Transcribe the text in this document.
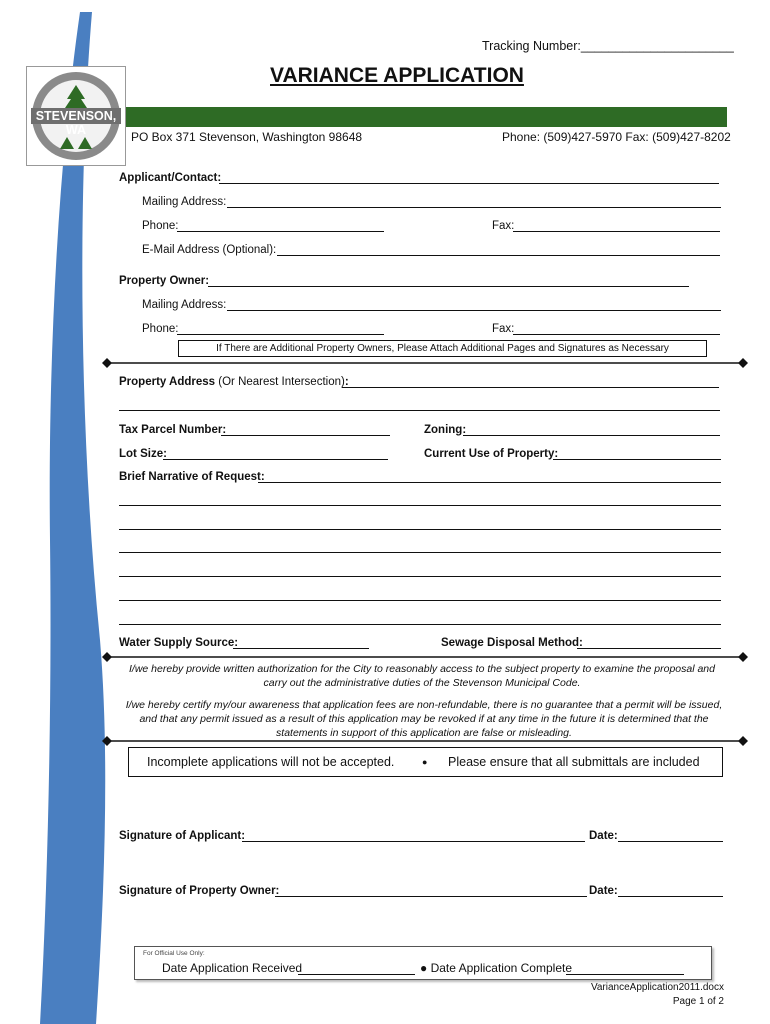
STEVENSON, WA
Tracking Number:______________________
VARIANCE APPLICATION
PO Box 371 Stevenson, Washington 98648	Phone: (509)427-5970 Fax: (509)427-8202
Applicant/Contact:
Mailing Address:
Phone:	Fax:
E-Mail Address (Optional):
Property Owner:
Mailing Address:
Phone:	Fax:
If There are Additional Property Owners, Please Attach Additional Pages and Signatures as Necessary
Property Address (Or Nearest Intersection):
Tax Parcel Number:	Zoning:
Lot Size:	Current Use of Property:
Brief Narrative of Request:
Water Supply Source:	Sewage Disposal Method:
I/we hereby provide written authorization for the City to reasonably access to the subject property to examine the proposal and carry out the administrative duties of the Stevenson Municipal Code.
I/we hereby certify my/our awareness that application fees are non-refundable, there is no guarantee that a permit will be issued, and that any permit issued as a result of this application may be revoked if at any time in the future it is determined that the statements in support of this application are false or misleading.
Incomplete applications will not be accepted.	● Please ensure that all submittals are included
Signature of Applicant:	Date:
Signature of Property Owner:	Date:
For Official Use Only:
Date Application Received	● Date Application Complete
VarianceApplication2011.docx
Page 1 of 2
